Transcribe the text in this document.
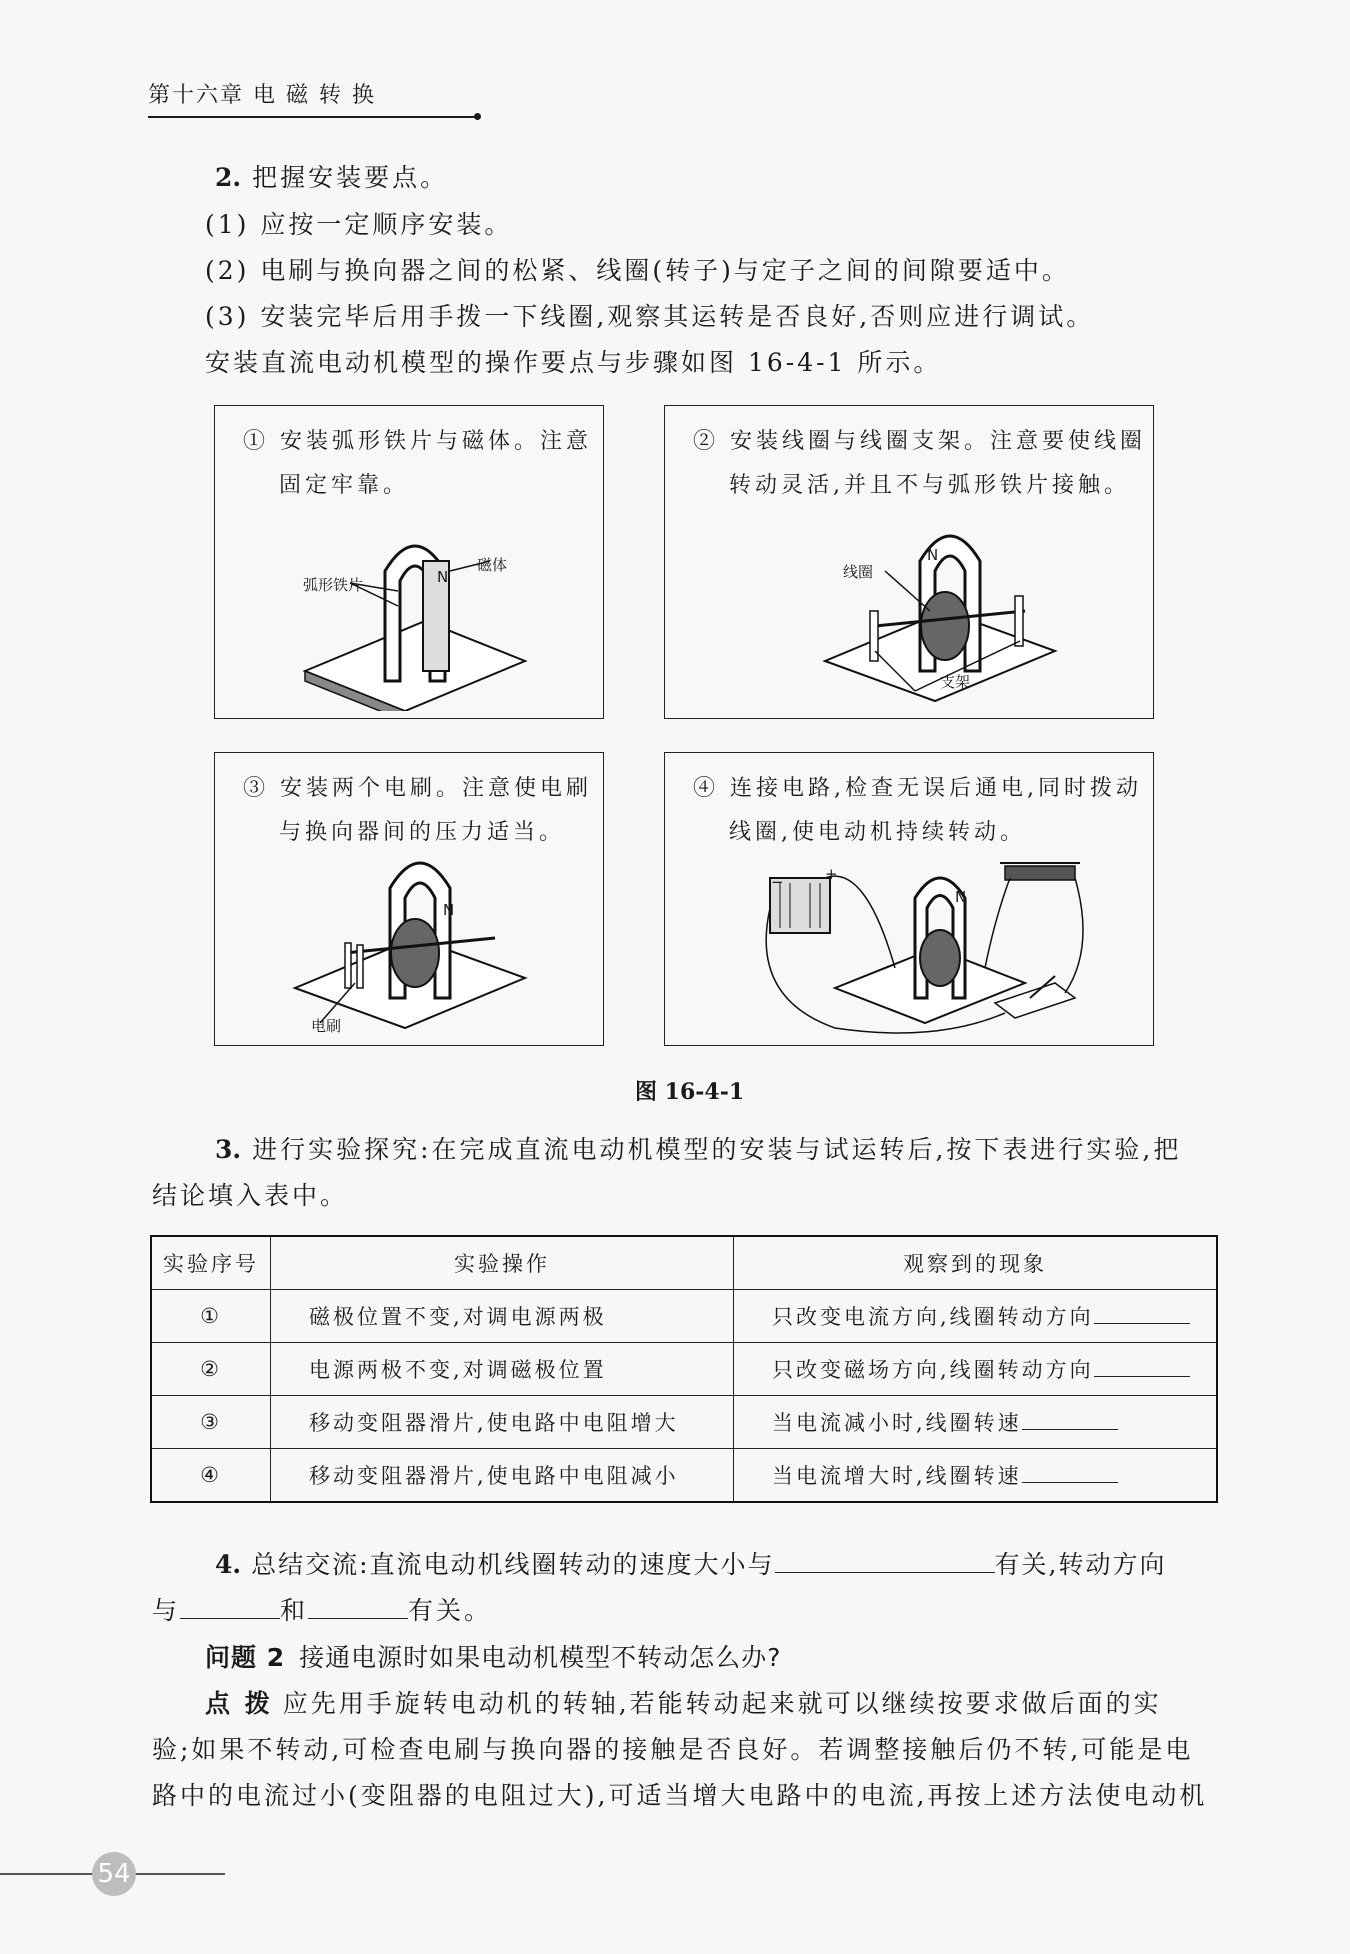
第十六章 电 磁 转 换
2. 把握安装要点。
(1) 应按一定顺序安装。
(2) 电刷与换向器之间的松紧、线圈(转子)与定子之间的间隙要适中。
(3) 安装完毕后用手拨一下线圈,观察其运转是否良好,否则应进行调试。
安装直流电动机模型的操作要点与步骤如图 16-4-1 所示。
① 安装弧形铁片与磁体。注意
固定牢靠。
磁体
弧形铁片	N
② 安装线圈与线圈支架。注意要使线圈
转动灵活,并且不与弧形铁片接触。
线圈
支架
N
③ 安装两个电刷。注意使电刷
与换向器间的压力适当。
电刷
N
④ 连接电路,检查无误后通电,同时拨动
线圈,使电动机持续转动。
−	+
N
图 16-4-1
3. 进行实验探究:在完成直流电动机模型的安装与试运转后,按下表进行实验,把
结论填入表中。
实验序号	实验操作	观察到的现象
①	磁极位置不变,对调电源两极	只改变电流方向,线圈转动方向
②	电源两极不变,对调磁极位置	只改变磁场方向,线圈转动方向
③	移动变阻器滑片,使电路中电阻增大	当电流减小时,线圈转速
④	移动变阻器滑片,使电路中电阻减小	当电流增大时,线圈转速
4. 总结交流:直流电动机线圈转动的速度大小与	有关,转动方向
与	和	有关。
问题 2 接通电源时如果电动机模型不转动怎么办?
点 拨 应先用手旋转电动机的转轴,若能转动起来就可以继续按要求做后面的实
验;如果不转动,可检查电刷与换向器的接触是否良好。若调整接触后仍不转,可能是电
路中的电流过小(变阻器的电阻过大),可适当增大电路中的电流,再按上述方法使电动机
54
